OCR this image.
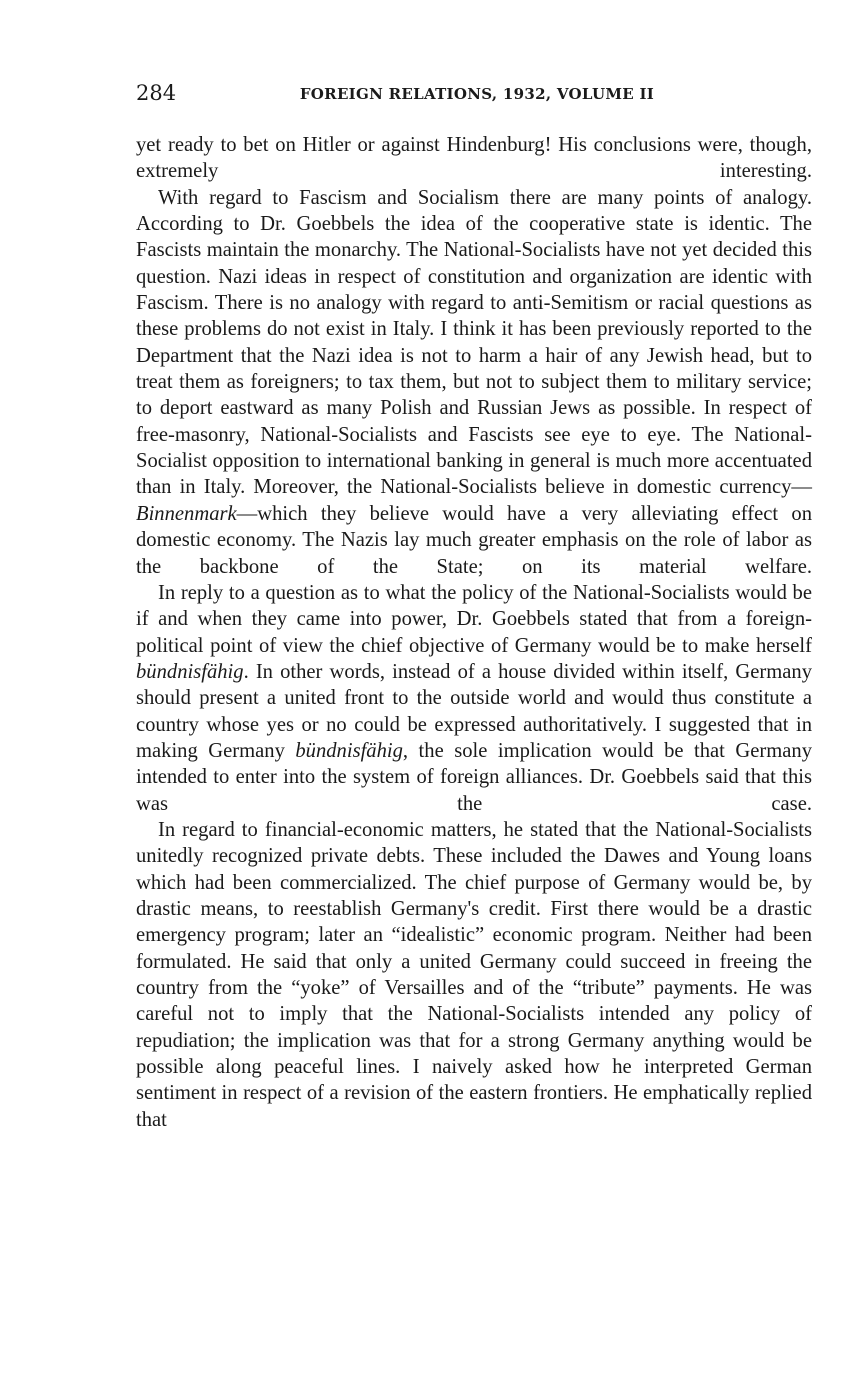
284	FOREIGN RELATIONS, 1932, VOLUME II

yet ready to bet on Hitler or against Hindenburg! His conclusions were, though, extremely interesting.

With regard to Fascism and Socialism there are many points of analogy. According to Dr. Goebbels the idea of the cooperative state is identic. The Fascists maintain the monarchy. The National-Socialists have not yet decided this question. Nazi ideas in respect of constitution and organization are identic with Fascism. There is no analogy with regard to anti-Semitism or racial questions as these problems do not exist in Italy. I think it has been previously reported to the Department that the Nazi idea is not to harm a hair of any Jewish head, but to treat them as foreigners; to tax them, but not to subject them to military service; to deport eastward as many Polish and Russian Jews as possible. In respect of free-masonry, National-Socialists and Fascists see eye to eye. The National-Socialist opposition to international banking in general is much more accentuated than in Italy. Moreover, the National-Socialists believe in domestic currency—Binnenmark—which they believe would have a very alleviating effect on domestic economy. The Nazis lay much greater emphasis on the role of labor as the backbone of the State; on its material welfare.

In reply to a question as to what the policy of the National-Socialists would be if and when they came into power, Dr. Goebbels stated that from a foreign-political point of view the chief objective of Germany would be to make herself bündnisfähig. In other words, instead of a house divided within itself, Germany should present a united front to the outside world and would thus constitute a country whose yes or no could be expressed authoritatively. I suggested that in making Germany bündnisfähig, the sole implication would be that Germany intended to enter into the system of foreign alliances. Dr. Goebbels said that this was the case.

In regard to financial-economic matters, he stated that the National-Socialists unitedly recognized private debts. These included the Dawes and Young loans which had been commercialized. The chief purpose of Germany would be, by drastic means, to reestablish Germany's credit. First there would be a drastic emergency program; later an “idealistic” economic program. Neither had been formulated. He said that only a united Germany could succeed in freeing the country from the “yoke” of Versailles and of the “tribute” payments. He was careful not to imply that the National-Socialists intended any policy of repudiation; the implication was that for a strong Germany anything would be possible along peaceful lines. I naively asked how he interpreted German sentiment in respect of a revision of the eastern frontiers. He emphatically replied that
